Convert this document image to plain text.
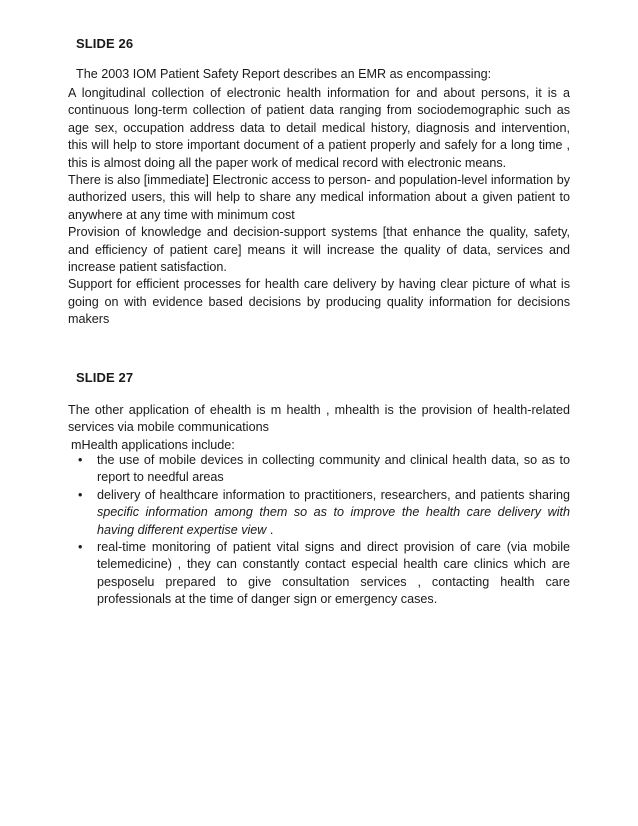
SLIDE 26

The 2003 IOM Patient Safety Report describes an EMR as encompassing:

A longitudinal collection of electronic health information for and about persons, it is a continuous long-term collection of patient data ranging from sociodemographic such as age sex, occupation address data to detail medical history, diagnosis and intervention, this will help to store important document of a patient properly and safely for a long time , this is almost doing all the paper work of medical record with electronic means.

There is also [immediate] Electronic access to person- and population-level information by authorized users, this will help to share any medical information about a given patient to anywhere at any time with minimum cost

Provision of knowledge and decision-support systems [that enhance the quality, safety, and efficiency of patient care] means it will increase the quality of data, services and increase patient satisfaction.

Support for efficient processes for health care delivery by having clear picture of what is going on with evidence based decisions by producing quality information for decisions makers

SLIDE 27

The other application of ehealth is m health , mhealth is the provision of health-related services via mobile communications

mHealth applications include:

• the use of mobile devices in collecting community and clinical health data, so as to report to needful areas
• delivery of healthcare information to practitioners, researchers, and patients sharing specific information among them so as to improve the health care delivery with having different expertise view .
• real-time monitoring of patient vital signs and direct provision of care (via mobile telemedicine) , they can constantly contact especial health care clinics which are pesposelu prepared to give consultation services , contacting health care professionals at the time of danger sign or emergency cases.
